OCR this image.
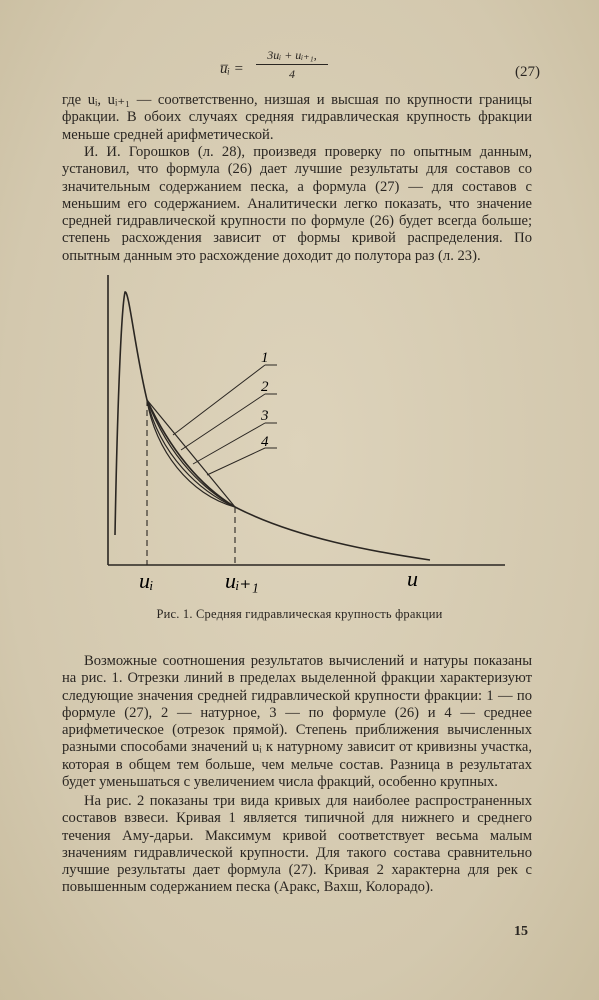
u̅ᵢ = $\frac{\text{3uᵢ + uᵢ₊₁,}}{4}$	(27)

где uᵢ, uᵢ₊₁ — соответственно, низшая и высшая по крупности границы фракции. В обоих случаях средняя гидравлическая крупность фракции меньше средней арифметической.

И. И. Горошков (л. 28), произведя проверку по опытным данным, установил, что формула (26) дает лучшие результаты для составов со значительным содержанием песка, а формула (27) — для составов с меньшим его содержанием. Аналитически легко показать, что значение средней гидравлической крупности по формуле (26) будет всегда больше; степень расхождения зависит от формы кривой распределения. По опытным данным это расхождение доходит до полутора раз (л. 23).

1
2
3
4
uᵢ	uᵢ₊₁	u
Рис. 1. Средняя гидравлическая крупность фракции

Возможные соотношения результатов вычислений и натуры показаны на рис. 1. Отрезки линий в пределах выделенной фракции характеризуют следующие значения средней гидравлической крупности фракции: 1 — по формуле (27), 2 — натурное, 3 — по формуле (26) и 4 — среднее арифметическое (отрезок прямой). Степень приближения вычисленных разными способами значений uᵢ к натурному зависит от кривизны участка, которая в общем тем больше, чем мельче состав. Разница в результатах будет уменьшаться с увеличением числа фракций, особенно крупных.

На рис. 2 показаны три вида кривых для наиболее распространенных составов взвеси. Кривая 1 является типичной для нижнего и среднего течения Аму-дарьи. Максимум кривой соответствует весьма малым значениям гидравлической крупности. Для такого состава сравнительно лучшие результаты дает формула (27). Кривая 2 характерна для рек с повышенным содержанием песка (Аракс, Вахш, Колорадо).

15
